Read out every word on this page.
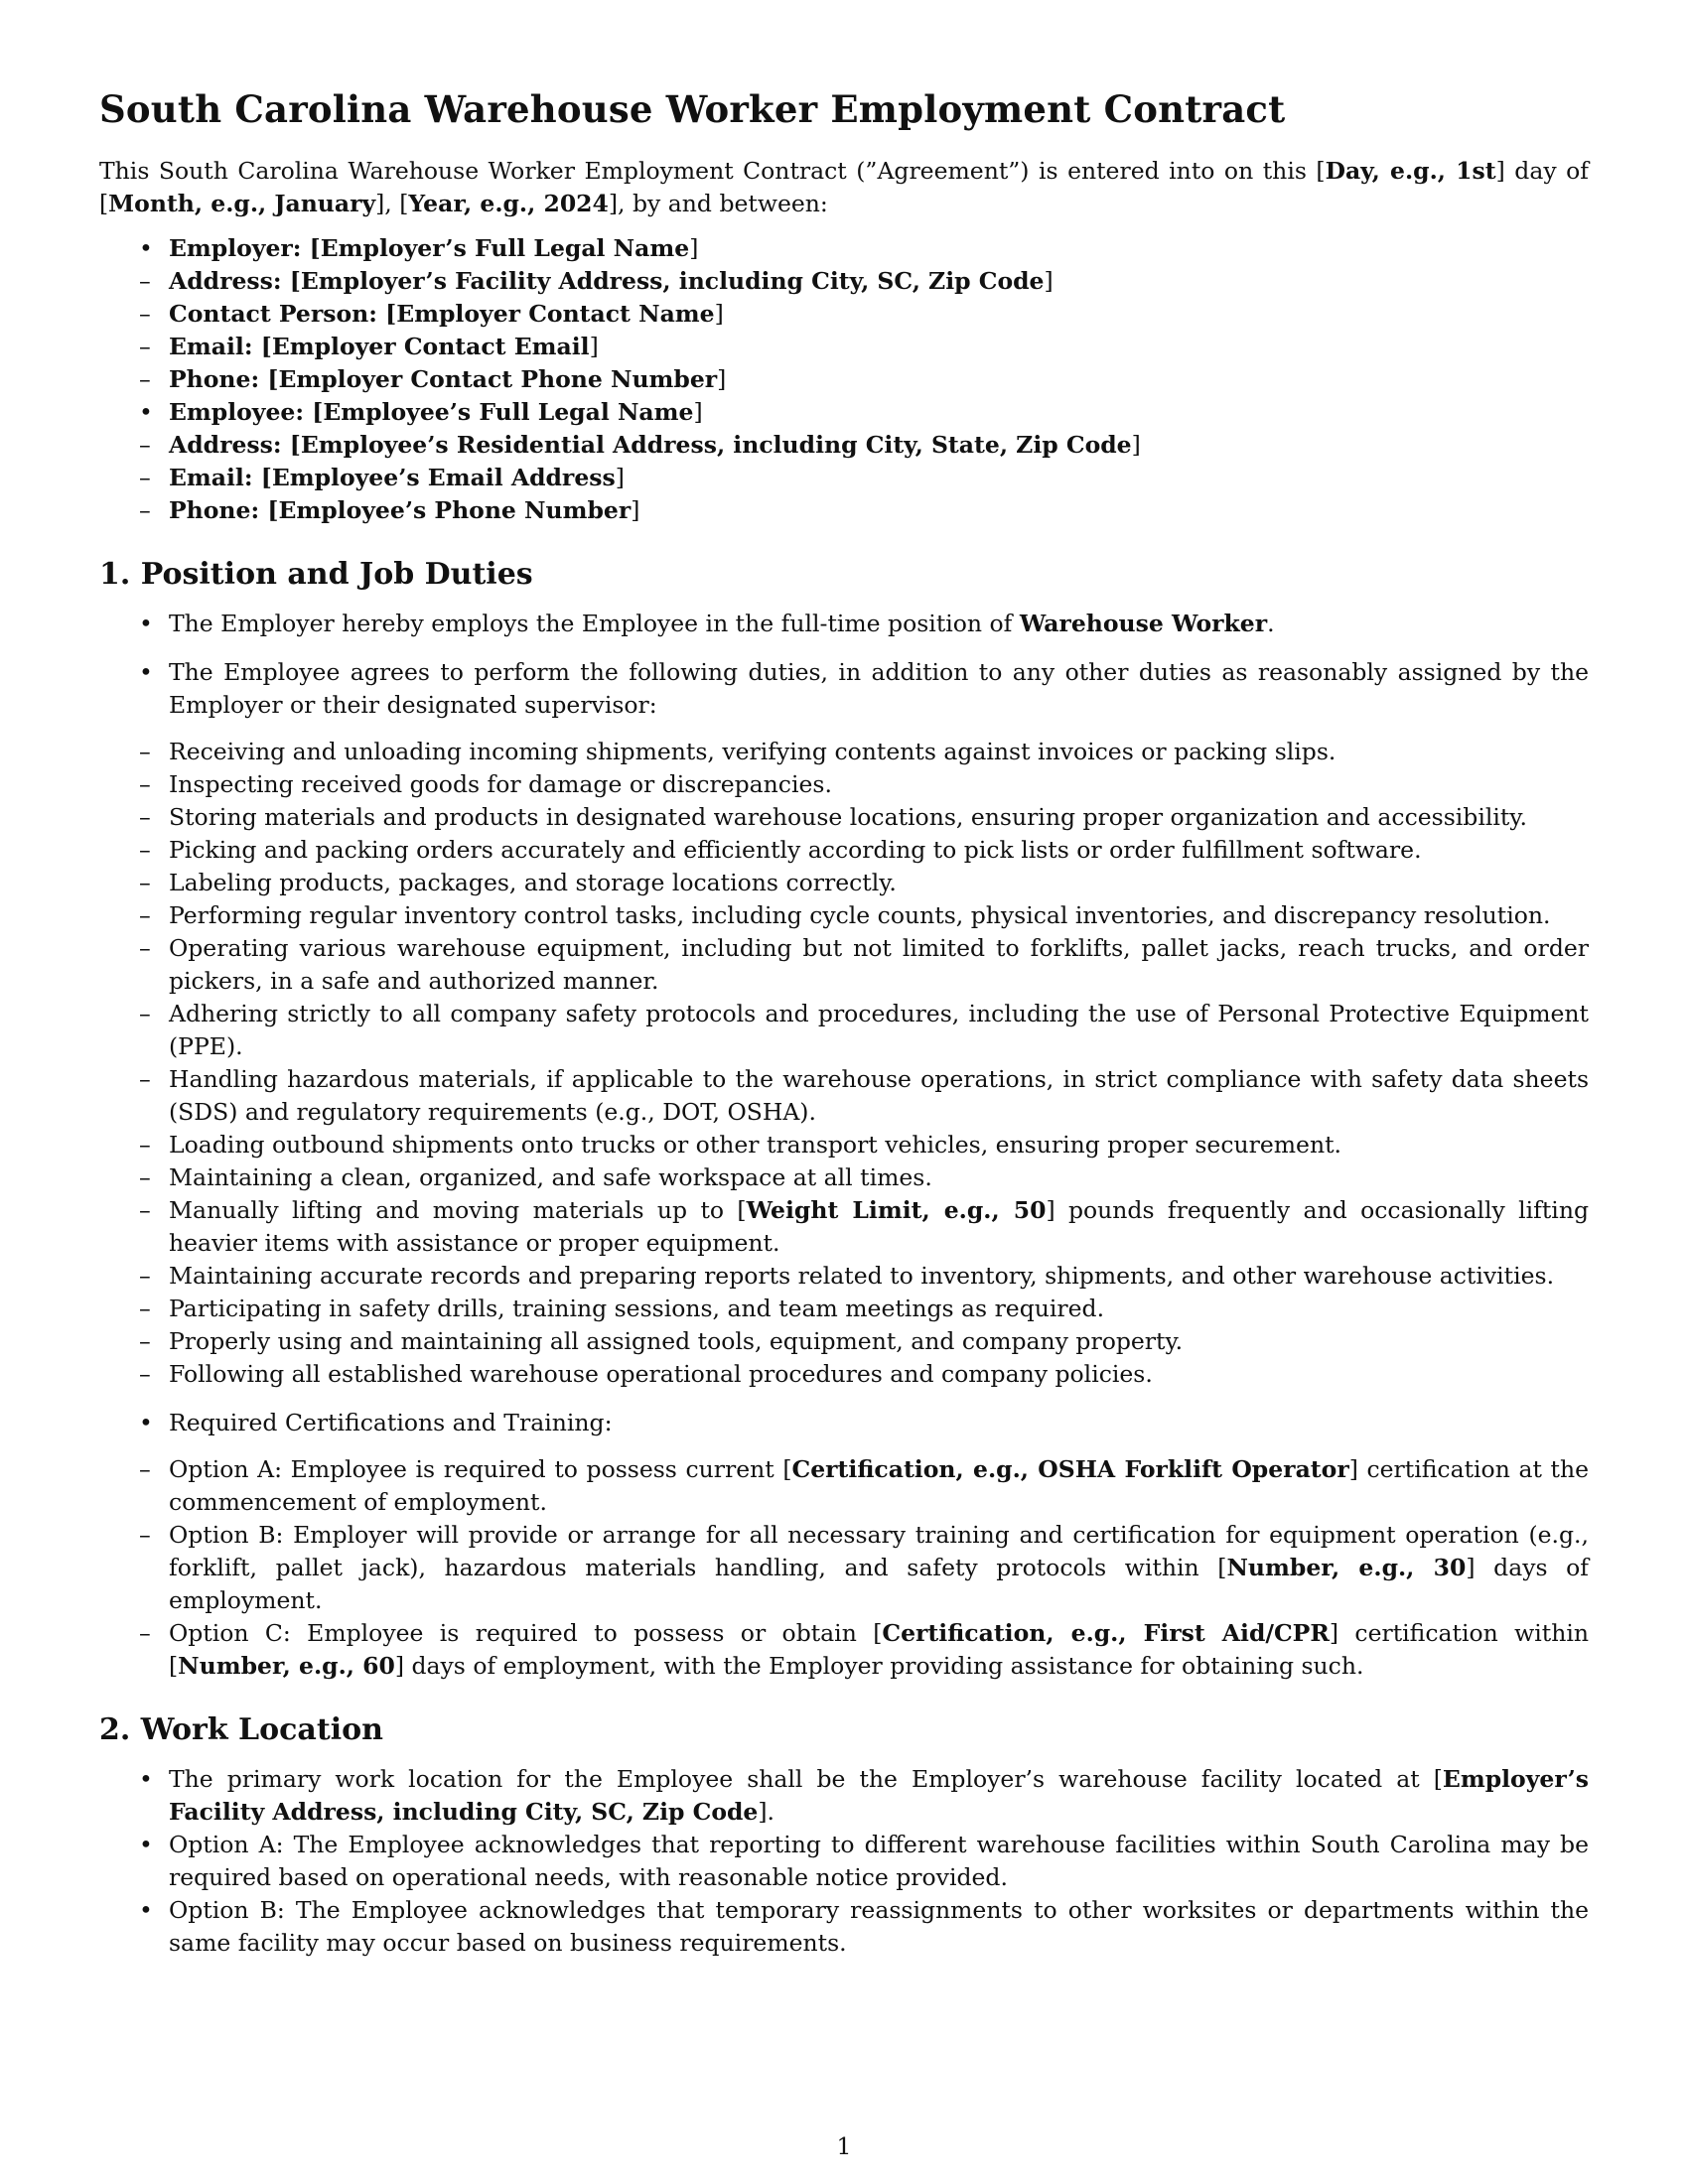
South Carolina Warehouse Worker Employment Contract

This South Carolina Warehouse Worker Employment Contract (”Agreement”) is entered into on this [Day, e.g., 1st] day of [Month, e.g., January], [Year, e.g., 2024], by and between:

• Employer: [Employer’s Full Legal Name]
– Address: [Employer’s Facility Address, including City, SC, Zip Code]
– Contact Person: [Employer Contact Name]
– Email: [Employer Contact Email]
– Phone: [Employer Contact Phone Number]
• Employee: [Employee’s Full Legal Name]
– Address: [Employee’s Residential Address, including City, State, Zip Code]
– Email: [Employee’s Email Address]
– Phone: [Employee’s Phone Number]
1. Position and Job Duties
• The Employer hereby employs the Employee in the full-time position of Warehouse Worker.
• The Employee agrees to perform the following duties, in addition to any other duties as reasonably assigned by the Employer or their designated supervisor:
– Receiving and unloading incoming shipments, verifying contents against invoices or packing slips.
– Inspecting received goods for damage or discrepancies.
– Storing materials and products in designated warehouse locations, ensuring proper organization and accessibility.
– Picking and packing orders accurately and efficiently according to pick lists or order fulfillment software.
– Labeling products, packages, and storage locations correctly.
– Performing regular inventory control tasks, including cycle counts, physical inventories, and discrepancy resolution.
– Operating various warehouse equipment, including but not limited to forklifts, pallet jacks, reach trucks, and order pickers, in a safe and authorized manner.
– Adhering strictly to all company safety protocols and procedures, including the use of Personal Protective Equipment (PPE).
– Handling hazardous materials, if applicable to the warehouse operations, in strict compliance with safety data sheets (SDS) and regulatory requirements (e.g., DOT, OSHA).
– Loading outbound shipments onto trucks or other transport vehicles, ensuring proper securement.
– Maintaining a clean, organized, and safe workspace at all times.
– Manually lifting and moving materials up to [Weight Limit, e.g., 50] pounds frequently and occasionally lifting heavier items with assistance or proper equipment.
– Maintaining accurate records and preparing reports related to inventory, shipments, and other warehouse activities.
– Participating in safety drills, training sessions, and team meetings as required.
– Properly using and maintaining all assigned tools, equipment, and company property.
– Following all established warehouse operational procedures and company policies.
• Required Certifications and Training:
– Option A: Employee is required to possess current [Certification, e.g., OSHA Forklift Operator] certification at the commencement of employment.
– Option B: Employer will provide or arrange for all necessary training and certification for equipment operation (e.g., forklift, pallet jack), hazardous materials handling, and safety protocols within [Number, e.g., 30] days of employment.
– Option C: Employee is required to possess or obtain [Certification, e.g., First Aid/CPR] certification within [Number, e.g., 60] days of employment, with the Employer providing assistance for obtaining such.
2. Work Location
• The primary work location for the Employee shall be the Employer’s warehouse facility located at [Employer’s Facility Address, including City, SC, Zip Code].
• Option A: The Employee acknowledges that reporting to different warehouse facilities within South Carolina may be required based on operational needs, with reasonable notice provided.
• Option B: The Employee acknowledges that temporary reassignments to other worksites or departments within the same facility may occur based on business requirements.
1
